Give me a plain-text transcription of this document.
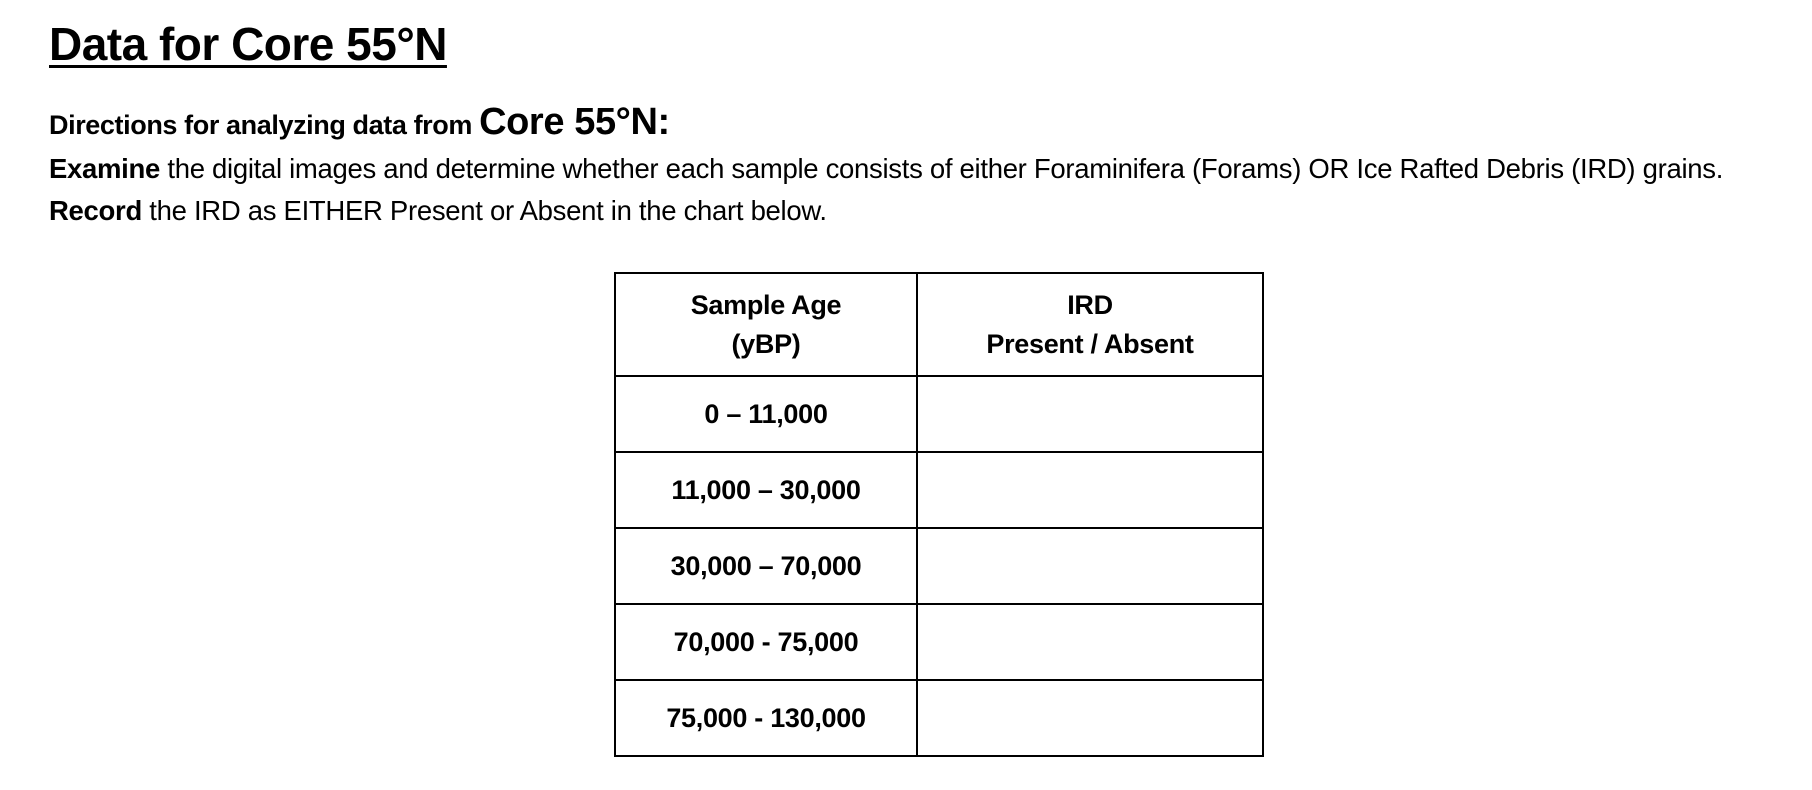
Data for Core 55°N

Directions for analyzing data from Core 55°N:

Examine the digital images and determine whether each sample consists of either Foraminifera (Forams) OR Ice Rafted Debris (IRD) grains. Record the IRD as EITHER Present or Absent in the chart below.

Sample Age
(yBP)	IRD
Present / Absent

0 – 11,000	
11,000 – 30,000	
30,000 – 70,000	
70,000 - 75,000	
75,000 - 130,000	
